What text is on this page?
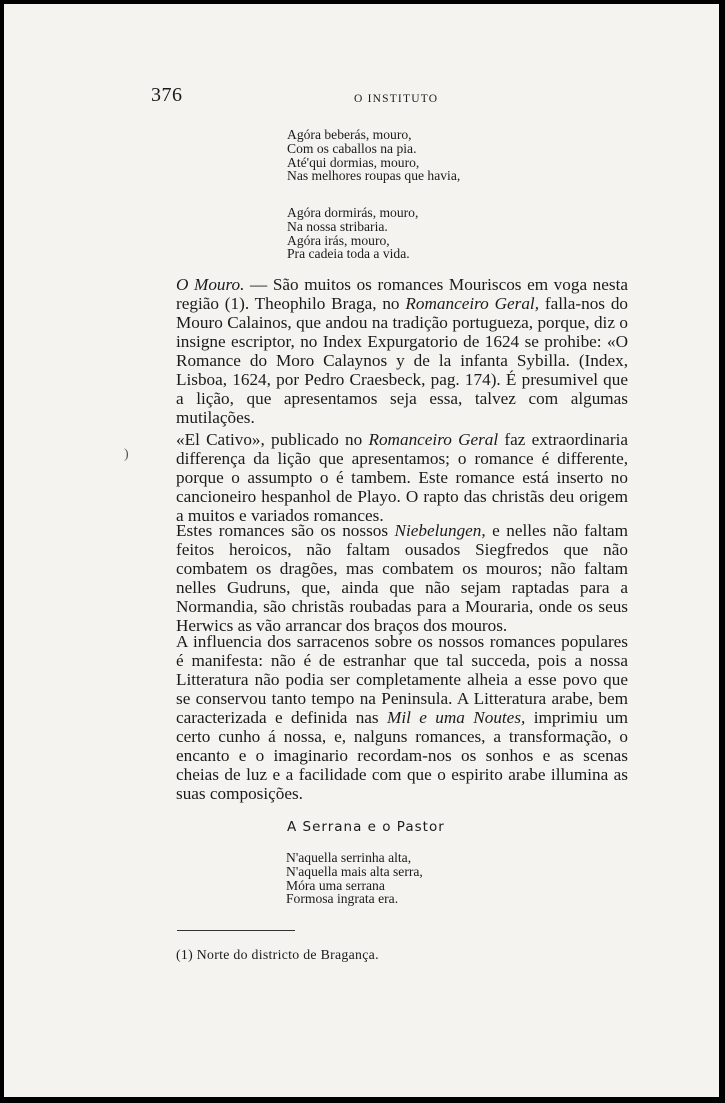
376	O INSTITUTO
Agóra beberás, mouro,
Com os caballos na pia.
Até'qui dormias, mouro,
Nas melhores roupas que havia,
Agóra dormirás, mouro,
Na nossa stribaria.
Agóra irás, mouro,
Pra cadeia toda a vida.

O Mouro. — São muitos os romances Mouriscos em voga nesta região (1). Theophilo Braga, no Romanceiro Geral, falla-nos do Mouro Calainos, que andou na tradição portugueza, porque, diz o insigne escriptor, no Index Expurgatorio de 1624 se prohibe: «O Romance do Moro Calaynos y de la infanta Sybilla. (Index, Lisboa, 1624, por Pedro Craesbeck, pag. 174). É presumivel que a lição, que apresentamos seja essa, talvez com algumas mutilações.

«El Cativo», publicado no Romanceiro Geral faz extraordinaria differença da lição que apresentamos; o romance é differente, porque o assumpto o é tambem. Este romance está inserto no cancioneiro hespanhol de Playo. O rapto das christãs deu origem a muitos e variados romances.

Estes romances são os nossos Niebelungen, e nelles não faltam feitos heroicos, não faltam ousados Siegfredos que não combatem os dragões, mas combatem os mouros; não faltam nelles Gudruns, que, ainda que não sejam raptadas para a Normandia, são christãs roubadas para a Mouraria, onde os seus Herwics as vão arrancar dos braços dos mouros.

A influencia dos sarracenos sobre os nossos romances populares é manifesta: não é de estranhar que tal succeda, pois a nossa Litteratura não podia ser completamente alheia a esse povo que se conservou tanto tempo na Peninsula. A Litteratura arabe, bem caracterizada e definida nas Mil e uma Noutes, imprimiu um certo cunho á nossa, e, nalguns romances, a transformação, o encanto e o imaginario recordam-nos os sonhos e as scenas cheias de luz e a facilidade com que o espirito arabe illumina as suas composições.

A Serrana e o Pastor
N'aquella serrinha alta,
N'aquella mais alta serra,
Móra uma serrana
Formosa ingrata era.
(1) Norte do districto de Bragança.
)
